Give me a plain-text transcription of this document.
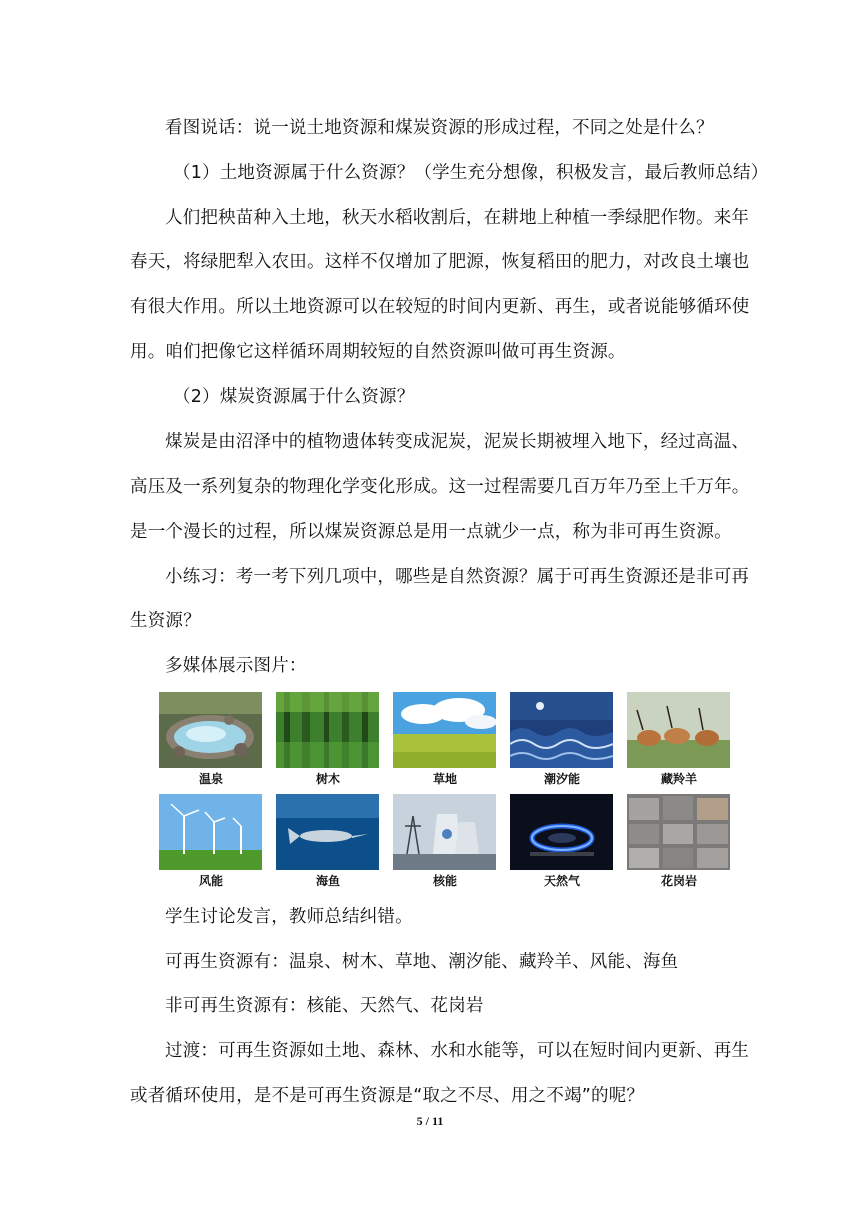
看图说话：说一说土地资源和煤炭资源的形成过程，不同之处是什么？
（1）土地资源属于什么资源？（学生充分想像，积极发言，最后教师总结）
人们把秧苗种入土地，秋天水稻收割后，在耕地上种植一季绿肥作物。来年
春天，将绿肥犁入农田。这样不仅增加了肥源，恢复稻田的肥力，对改良土壤也
有很大作用。所以土地资源可以在较短的时间内更新、再生，或者说能够循环使
用。咱们把像它这样循环周期较短的自然资源叫做可再生资源。
（2）煤炭资源属于什么资源？
煤炭是由沼泽中的植物遗体转变成泥炭，泥炭长期被埋入地下，经过高温、
高压及一系列复杂的物理化学变化形成。这一过程需要几百万年乃至上千万年。
是一个漫长的过程，所以煤炭资源总是用一点就少一点，称为非可再生资源。
小练习：考一考下列几项中，哪些是自然资源？属于可再生资源还是非可再
生资源？
多媒体展示图片：
温泉	树木	草地	潮汐能	藏羚羊
风能	海鱼	核能	天然气	花岗岩
学生讨论发言，教师总结纠错。
可再生资源有：温泉、树木、草地、潮汐能、藏羚羊、风能、海鱼
非可再生资源有：核能、天然气、花岗岩
过渡：可再生资源如土地、森林、水和水能等，可以在短时间内更新、再生
或者循环使用，是不是可再生资源是“取之不尽、用之不竭”的呢？
5 / 11
